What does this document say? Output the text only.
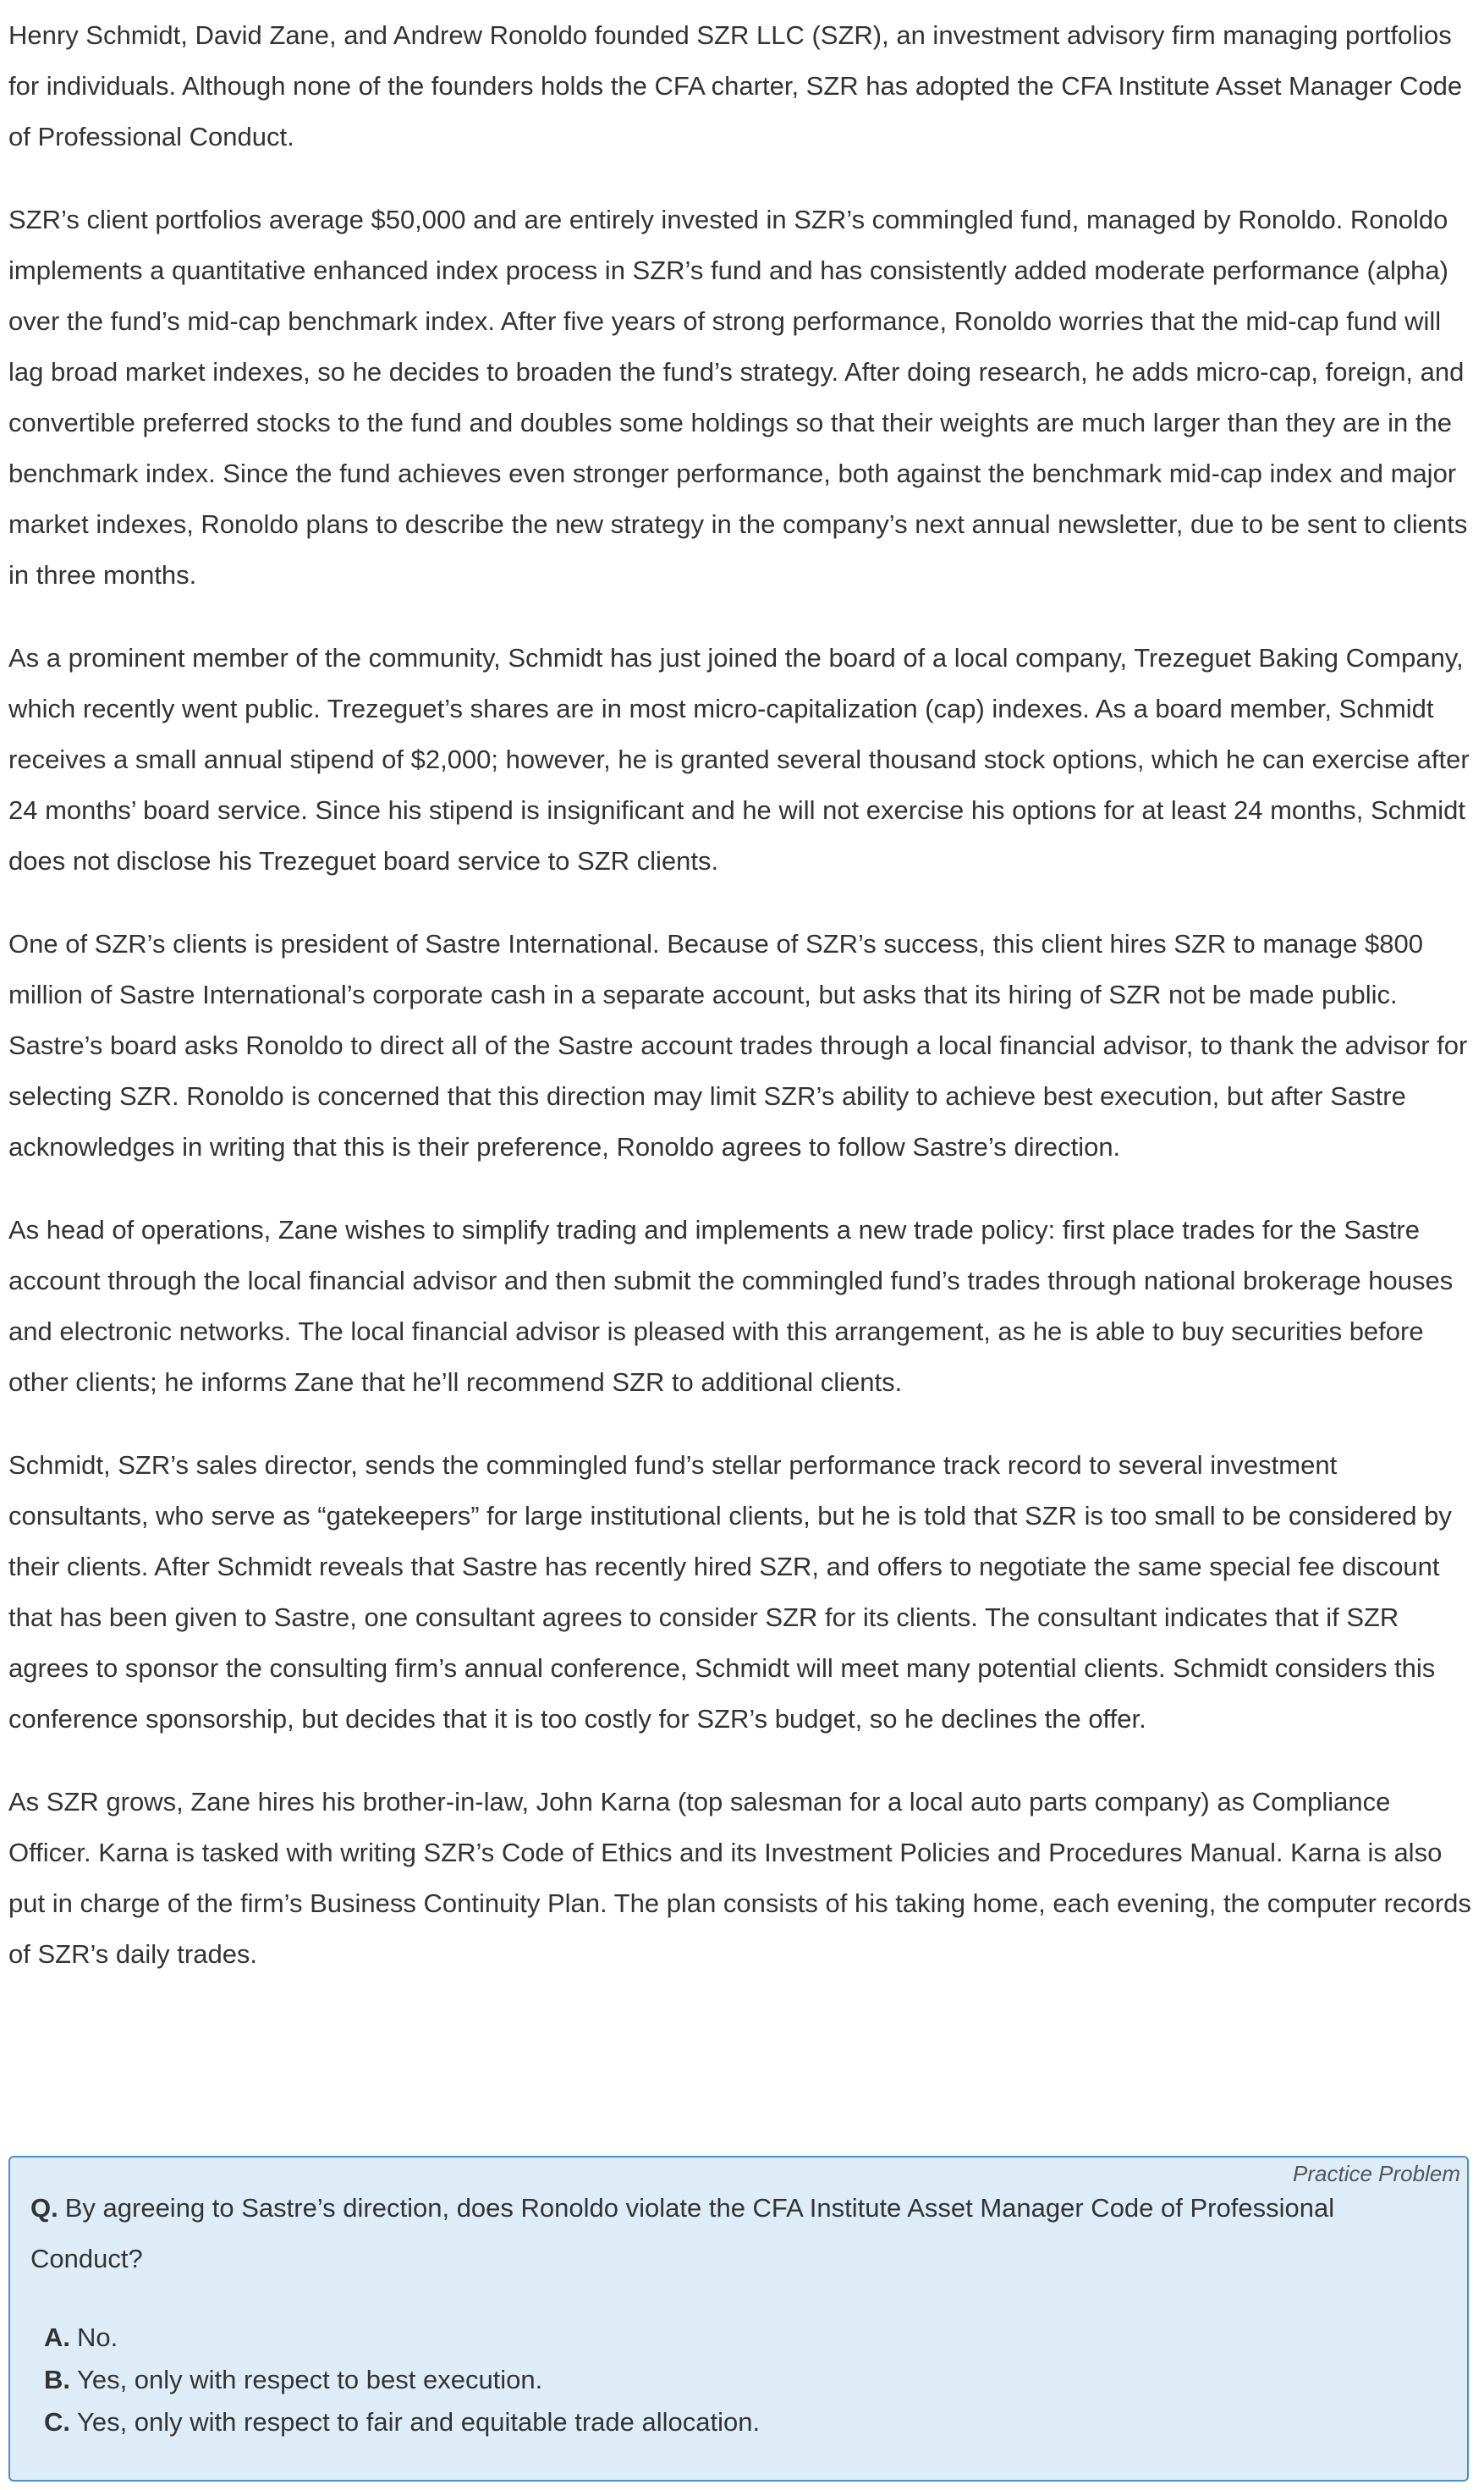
Henry Schmidt, David Zane, and Andrew Ronoldo founded SZR LLC (SZR), an investment advisory firm managing portfolios for individuals. Although none of the founders holds the CFA charter, SZR has adopted the CFA Institute Asset Manager Code of Professional Conduct.

SZR’s client portfolios average $50,000 and are entirely invested in SZR’s commingled fund, managed by Ronoldo. Ronoldo implements a quantitative enhanced index process in SZR’s fund and has consistently added moderate performance (alpha) over the fund’s mid-cap benchmark index. After five years of strong performance, Ronoldo worries that the mid-cap fund will lag broad market indexes, so he decides to broaden the fund’s strategy. After doing research, he adds micro-cap, foreign, and convertible preferred stocks to the fund and doubles some holdings so that their weights are much larger than they are in the benchmark index. Since the fund achieves even stronger performance, both against the benchmark mid-cap index and major market indexes, Ronoldo plans to describe the new strategy in the company’s next annual newsletter, due to be sent to clients in three months.

As a prominent member of the community, Schmidt has just joined the board of a local company, Trezeguet Baking Company, which recently went public. Trezeguet’s shares are in most micro-capitalization (cap) indexes. As a board member, Schmidt receives a small annual stipend of $2,000; however, he is granted several thousand stock options, which he can exercise after 24 months’ board service. Since his stipend is insignificant and he will not exercise his options for at least 24 months, Schmidt does not disclose his Trezeguet board service to SZR clients.

One of SZR’s clients is president of Sastre International. Because of SZR’s success, this client hires SZR to manage $800 million of Sastre International’s corporate cash in a separate account, but asks that its hiring of SZR not be made public. Sastre’s board asks Ronoldo to direct all of the Sastre account trades through a local financial advisor, to thank the advisor for selecting SZR. Ronoldo is concerned that this direction may limit SZR’s ability to achieve best execution, but after Sastre acknowledges in writing that this is their preference, Ronoldo agrees to follow Sastre’s direction.

As head of operations, Zane wishes to simplify trading and implements a new trade policy: first place trades for the Sastre account through the local financial advisor and then submit the commingled fund’s trades through national brokerage houses and electronic networks. The local financial advisor is pleased with this arrangement, as he is able to buy securities before other clients; he informs Zane that he’ll recommend SZR to additional clients.

Schmidt, SZR’s sales director, sends the commingled fund’s stellar performance track record to several investment consultants, who serve as “gatekeepers” for large institutional clients, but he is told that SZR is too small to be considered by their clients. After Schmidt reveals that Sastre has recently hired SZR, and offers to negotiate the same special fee discount that has been given to Sastre, one consultant agrees to consider SZR for its clients. The consultant indicates that if SZR agrees to sponsor the consulting firm’s annual conference, Schmidt will meet many potential clients. Schmidt considers this conference sponsorship, but decides that it is too costly for SZR’s budget, so he declines the offer.

As SZR grows, Zane hires his brother-in-law, John Karna (top salesman for a local auto parts company) as Compliance Officer. Karna is tasked with writing SZR’s Code of Ethics and its Investment Policies and Procedures Manual. Karna is also put in charge of the firm’s Business Continuity Plan. The plan consists of his taking home, each evening, the computer records of SZR’s daily trades.

Practice Problem
Q. By agreeing to Sastre’s direction, does Ronoldo violate the CFA Institute Asset Manager Code of Professional Conduct?
A. No.
B. Yes, only with respect to best execution.
C. Yes, only with respect to fair and equitable trade allocation.
